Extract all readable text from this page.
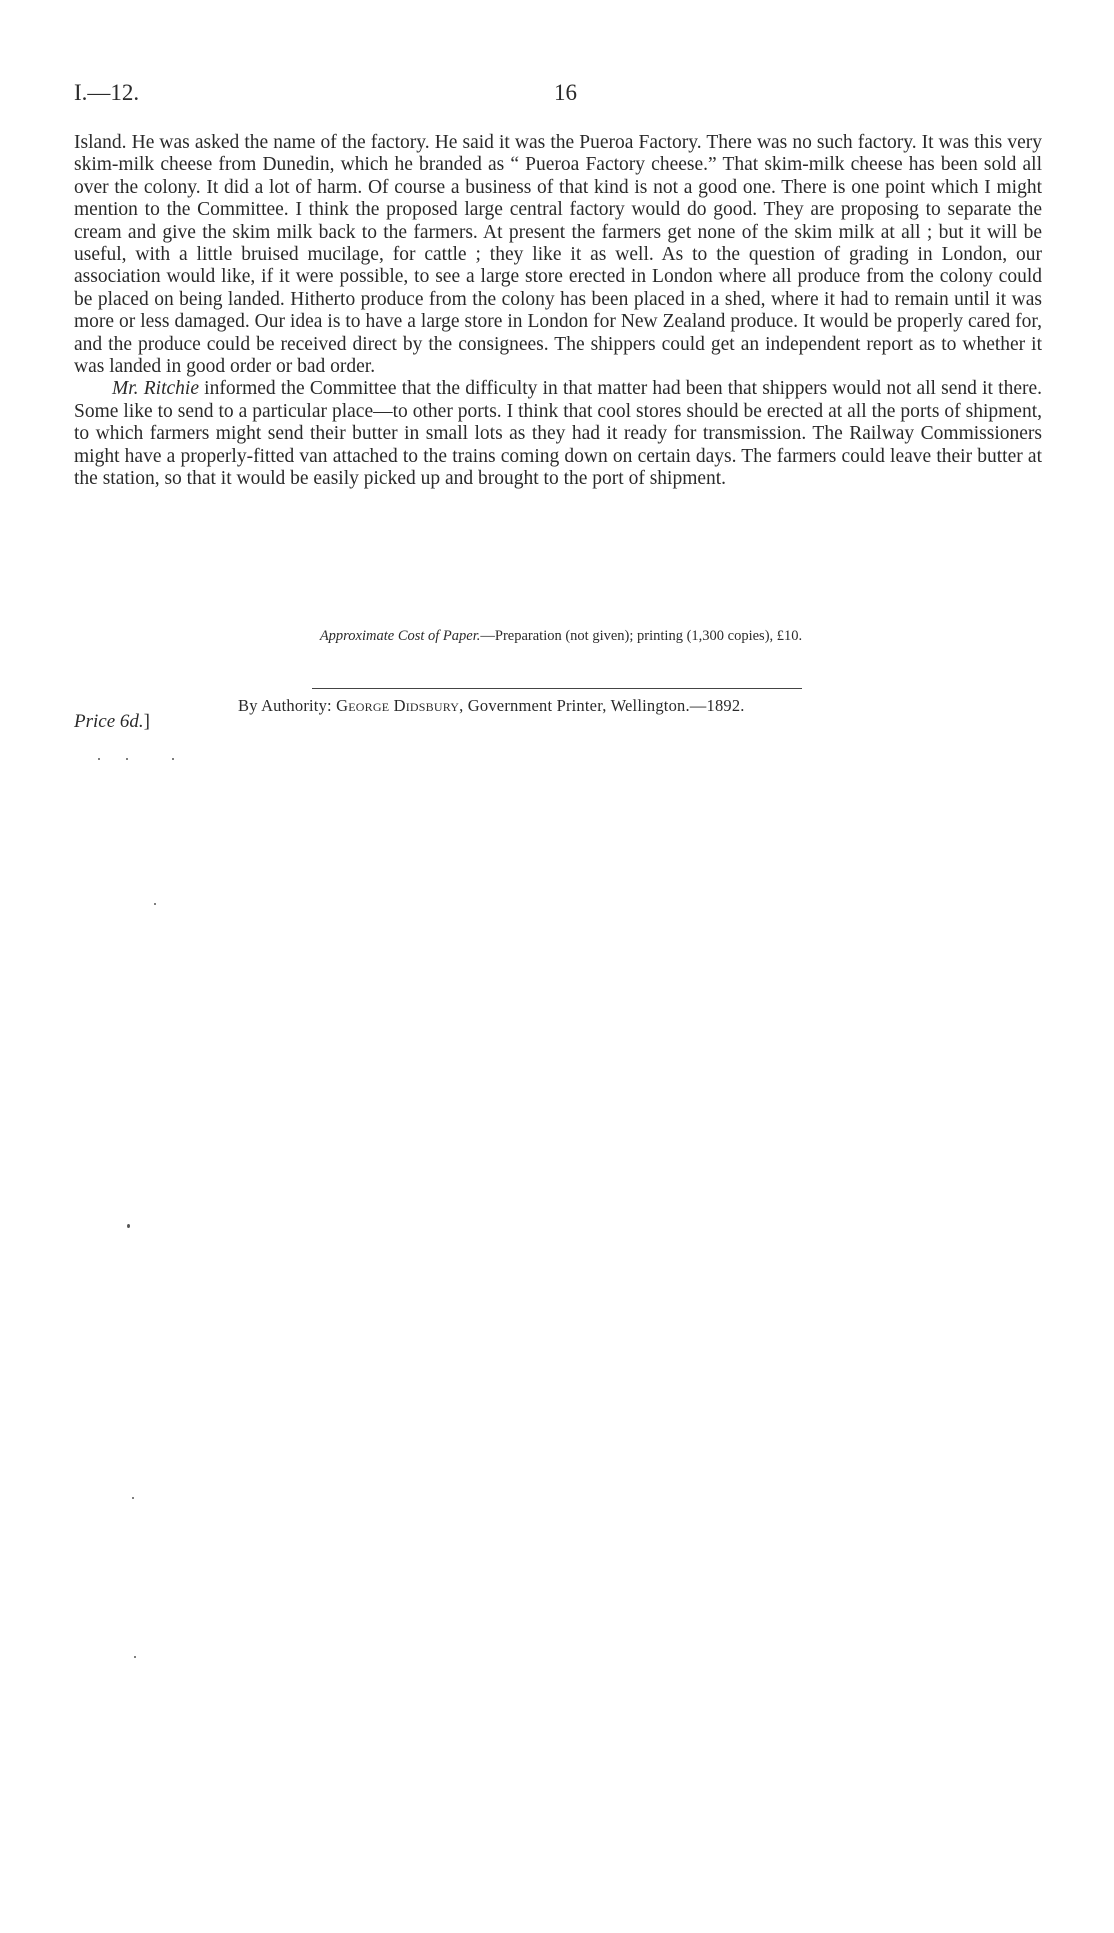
I.—12.	16

Island. He was asked the name of the factory. He said it was the Pueroa Factory. There was no such factory. It was this very skim-milk cheese from Dunedin, which he branded as “ Pueroa Factory cheese.” That skim-milk cheese has been sold all over the colony. It did a lot of harm. Of course a business of that kind is not a good one. There is one point which I might mention to the Committee. I think the proposed large central factory would do good. They are proposing to separate the cream and give the skim milk back to the farmers. At present the farmers get none of the skim milk at all ; but it will be useful, with a little bruised mucilage, for cattle ; they like it as well. As to the question of grading in London, our association would like, if it were possible, to see a large store erected in London where all produce from the colony could be placed on being landed. Hitherto produce from the colony has been placed in a shed, where it had to remain until it was more or less damaged. Our idea is to have a large store in London for New Zealand produce. It would be properly cared for, and the produce could be received direct by the consignees. The shippers could get an independent report as to whether it was landed in good order or bad order.

Mr. Ritchie informed the Committee that the difficulty in that matter had been that shippers would not all send it there. Some like to send to a particular place—to other ports. I think that cool stores should be erected at all the ports of shipment, to which farmers might send their butter in small lots as they had it ready for transmission. The Railway Commissioners might have a properly-fitted van attached to the trains coming down on certain days. The farmers could leave their butter at the station, so that it would be easily picked up and brought to the port of shipment.

Approximate Cost of Paper.—Preparation (not given); printing (1,300 copies), £10.
Price 6d.]
By Authority: George Didsbury, Government Printer, Wellington.—1892.
